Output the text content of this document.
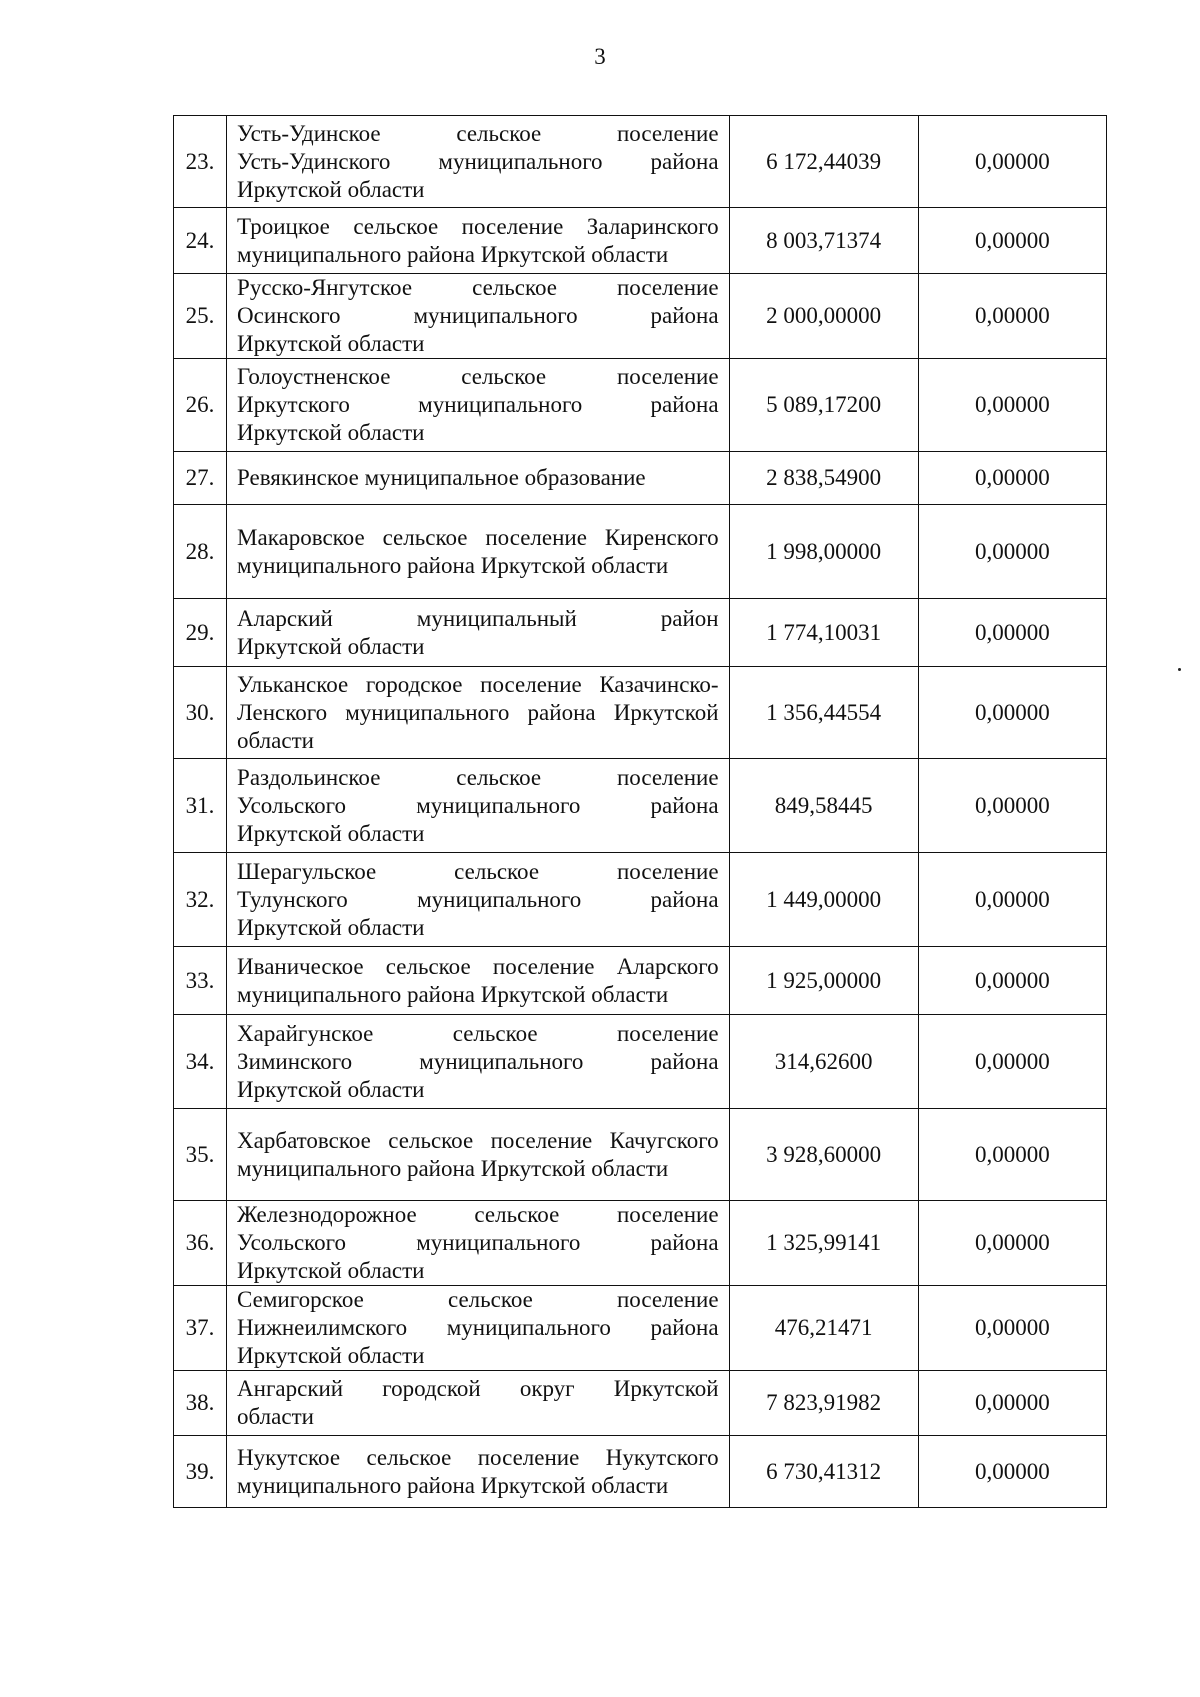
3
23.	Усть-Удинское сельское поселение
Усть-Удинского муниципального района
Иркутской области	6 172,44039	0,00000
24.	Троицкое сельское поселение Заларинского
муниципального района Иркутской области	8 003,71374	0,00000
25.	Русско-Янгутское сельское поселение
Осинского муниципального района
Иркутской области	2 000,00000	0,00000
26.	Голоустненское сельское поселение
Иркутского муниципального района
Иркутской области	5 089,17200	0,00000
27.	Ревякинское муниципальное образование	2 838,54900	0,00000
28.	Макаровское сельское поселение Киренского
муниципального района Иркутской области	1 998,00000	0,00000
29.	Аларский муниципальный район
Иркутской области	1 774,10031	0,00000
30.	Ульканское городское поселение Казачинско-
Ленского муниципального района Иркутской
области	1 356,44554	0,00000
31.	Раздольинское сельское поселение
Усольского муниципального района
Иркутской области	849,58445	0,00000
32.	Шерагульское сельское поселение
Тулунского муниципального района
Иркутской области	1 449,00000	0,00000
33.	Иваническое сельское поселение Аларского
муниципального района Иркутской области	1 925,00000	0,00000
34.	Харайгунское сельское поселение
Зиминского муниципального района
Иркутской области	314,62600	0,00000
35.	Харбатовское сельское поселение Качугского
муниципального района Иркутской области	3 928,60000	0,00000
36.	Железнодорожное сельское поселение
Усольского муниципального района
Иркутской области	1 325,99141	0,00000
37.	Семигорское сельское поселение
Нижнеилимского муниципального района
Иркутской области	476,21471	0,00000
38.	Ангарский городской округ Иркутской
области	7 823,91982	0,00000
39.	Нукутское сельское поселение Нукутского
муниципального района Иркутской области	6 730,41312	0,00000
